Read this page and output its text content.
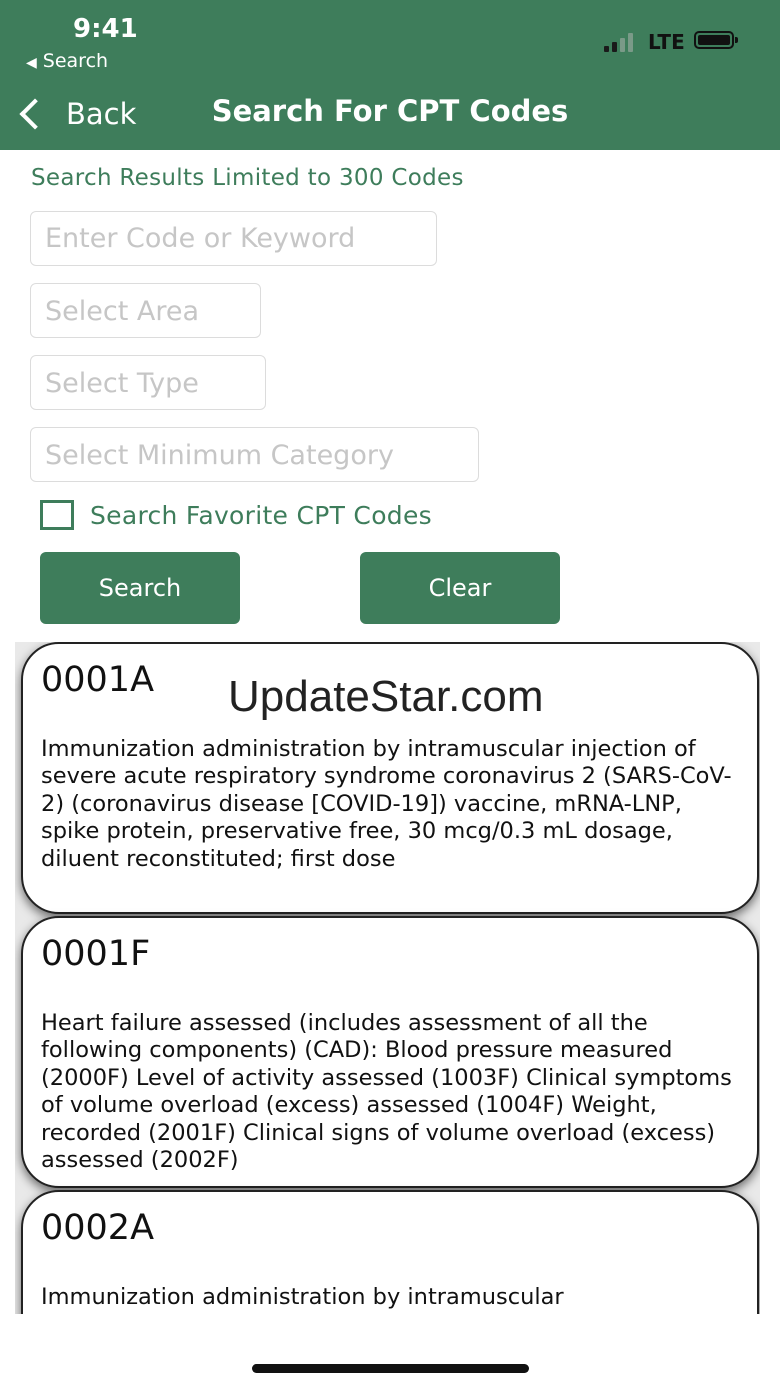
9:41
◀ Search
LTE
Back	Search For CPT Codes
Search Results Limited to 300 Codes
Enter Code or Keyword
Select Area
Select Type
Select Minimum Category
Search Favorite CPT Codes
Search	Clear
0001A
Immunization administration by intramuscular injection of severe acute respiratory syndrome coronavirus 2 (SARS-CoV-2) (coronavirus disease [COVID-19]) vaccine, mRNA-LNP, spike protein, preservative free, 30 mcg/0.3 mL dosage, diluent reconstituted; first dose
0001F
Heart failure assessed (includes assessment of all the following components) (CAD): Blood pressure measured (2000F) Level of activity assessed (1003F) Clinical symptoms of volume overload (excess) assessed (1004F) Weight, recorded (2001F) Clinical signs of volume overload (excess) assessed (2002F)
0002A
Immunization administration by intramuscular
UpdateStar.com
